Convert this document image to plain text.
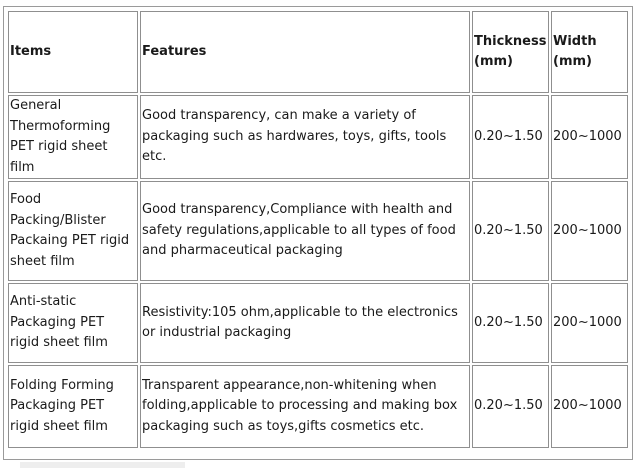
Items	Features	Thickness (mm)	Width (mm)
General Thermoforming PET rigid sheet film	Good transparency, can make a variety of packaging such as hardwares, toys, gifts, tools etc.	0.20~1.50	200~1000
Food Packing/Blister Packaing PET rigid sheet film	Good transparency,Compliance with health and safety regulations,applicable to all types of food and pharmaceutical packaging	0.20~1.50	200~1000
Anti-static Packaging PET rigid sheet film	Resistivity:105 ohm,applicable to the electronics or industrial packaging	0.20~1.50	200~1000
Folding Forming Packaging PET rigid sheet film	Transparent appearance,non-whitening when folding,applicable to processing and making box packaging such as toys,gifts cosmetics etc.	0.20~1.50	200~1000
